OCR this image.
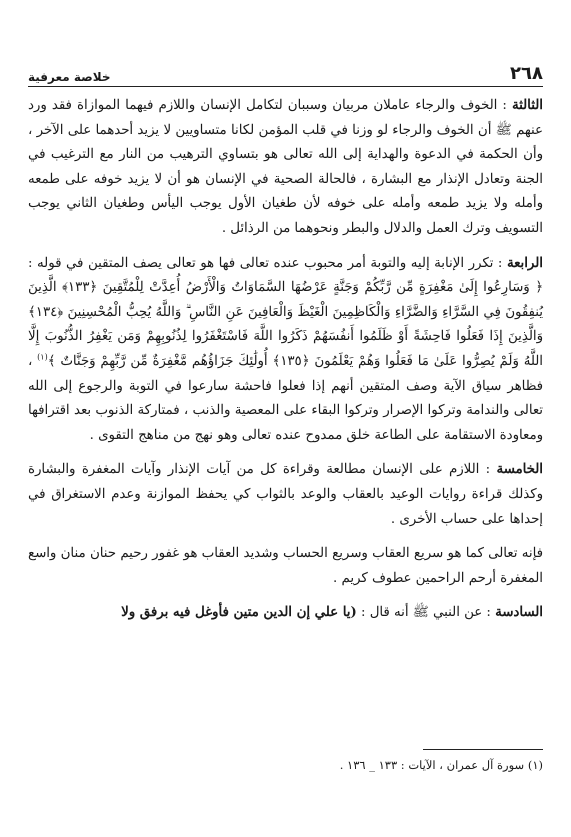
٢٦٨
خلاصة معرفية

الثالثة : الخوف والرجاء عاملان مربيان وسببان لتكامل الإنسان واللازم فيهما الموازاة فقد ورد عنهم ﷺ أن الخوف والرجاء لو وزنا في قلب المؤمن لكانا متساويين لا يزيد أحدهما على الآخر ، وأن الحكمة في الدعوة والهداية إلى الله تعالى هو بتساوي الترهيب من النار مع الترغيب في الجنة وتعادل الإنذار مع البشارة ، فالحالة الصحية في الإنسان هو أن لا يزيد خوفه على طمعه وأمله ولا يزيد طمعه وأمله على خوفه لأن طغيان الأول يوجب اليأس وطغيان الثاني يوجب التسويف وترك العمل والدلال والبطر ونحوهما من الرذائل .

الرابعة : تكرر الإنابة إليه والتوبة أمر محبوب عنده تعالى فها هو تعالى يصف المتقين في قوله : ﴿ وَسَارِعُوا إِلَىٰ مَغْفِرَةٍ مِّن رَّبِّكُمْ وَجَنَّةٍ عَرْضُهَا السَّمَاوَاتُ وَالْأَرْضُ أُعِدَّتْ لِلْمُتَّقِينَ ﴿١٣٣﴾ الَّذِينَ يُنفِقُونَ فِي السَّرَّاءِ وَالضَّرَّاءِ وَالْكَاظِمِينَ الْغَيْظَ وَالْعَافِينَ عَنِ النَّاسِ ۗ وَاللَّهُ يُحِبُّ الْمُحْسِنِينَ ﴿١٣٤﴾ وَالَّذِينَ إِذَا فَعَلُوا فَاحِشَةً أَوْ ظَلَمُوا أَنفُسَهُمْ ذَكَرُوا اللَّهَ فَاسْتَغْفَرُوا لِذُنُوبِهِمْ وَمَن يَغْفِرُ الذُّنُوبَ إِلَّا اللَّهُ وَلَمْ يُصِرُّوا عَلَىٰ مَا فَعَلُوا وَهُمْ يَعْلَمُونَ ﴿١٣٥﴾ أُولَٰئِكَ جَزَاؤُهُم مَّغْفِرَةٌ مِّن رَّبِّهِمْ وَجَنَّاتٌ ﴾$^{(١)}$ ، فظاهر سياق الآية وصف المتقين أنهم إذا فعلوا فاحشة سارعوا في التوبة والرجوع إلى الله تعالى والندامة وتركوا الإصرار وتركوا البقاء على المعصية والذنب ، فمتاركة الذنوب بعد اقترافها ومعاودة الاستقامة على الطاعة خلق ممدوح عنده تعالى وهو نهج من مناهج التقوى .

الخامسة : اللازم على الإنسان مطالعة وقراءة كل من آيات الإنذار وآيات المغفرة والبشارة وكذلك قراءة روايات الوعيد بالعقاب والوعد بالثواب كي يحفظ الموازنة وعدم الاستغراق في إحداها على حساب الأخرى .

فإنه تعالى كما هو سريع العقاب وسريع الحساب وشديد العقاب هو غفور رحيم حنان منان واسع المغفرة أرحم الراحمين عطوف كريم .

السادسة : عن النبي ﷺ أنه قال : (يا علي إن الدين متين فأوغل فيه برفق ولا

(١) سورة آل عمران ، الآيات : ١٣٣ _ ١٣٦ .
